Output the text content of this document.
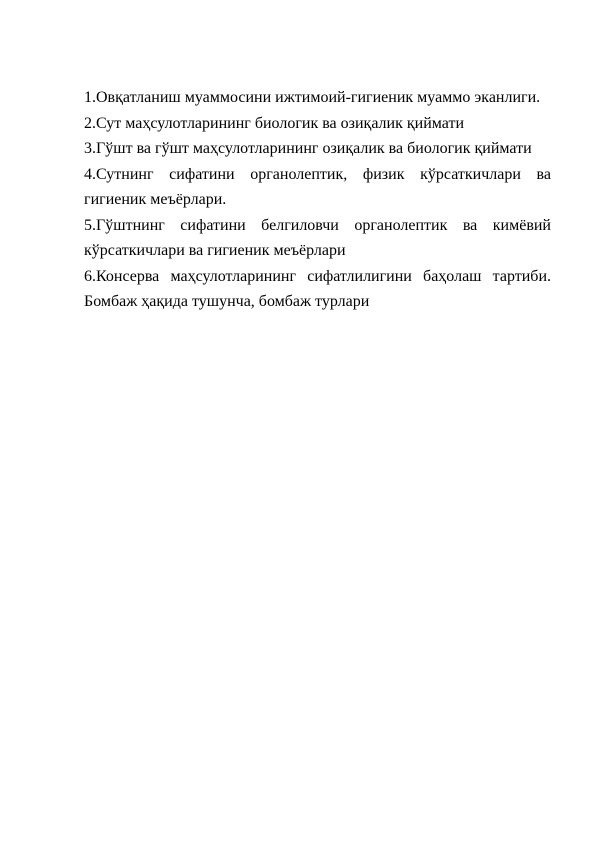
1.Овқатланиш муаммосини ижтимоий-гигиеник муаммо эканлиги.

2.Сут маҳсулотларининг биологик ва озиқалик қиймати

3.Гўшт ва гўшт маҳсулотларининг озиқалик ва биологик қиймати

4.Сутнинг сифатини органолептик, физик кўрсаткичлари ва гигиеник меъёрлари.

5.Гўштнинг сифатини белгиловчи органолептик ва кимёвий кўрсаткичлари ва гигиеник меъёрлари

6.Консерва маҳсулотларининг сифатлилигини баҳолаш тартиби. Бомбаж ҳақида тушунча, бомбаж турлари
